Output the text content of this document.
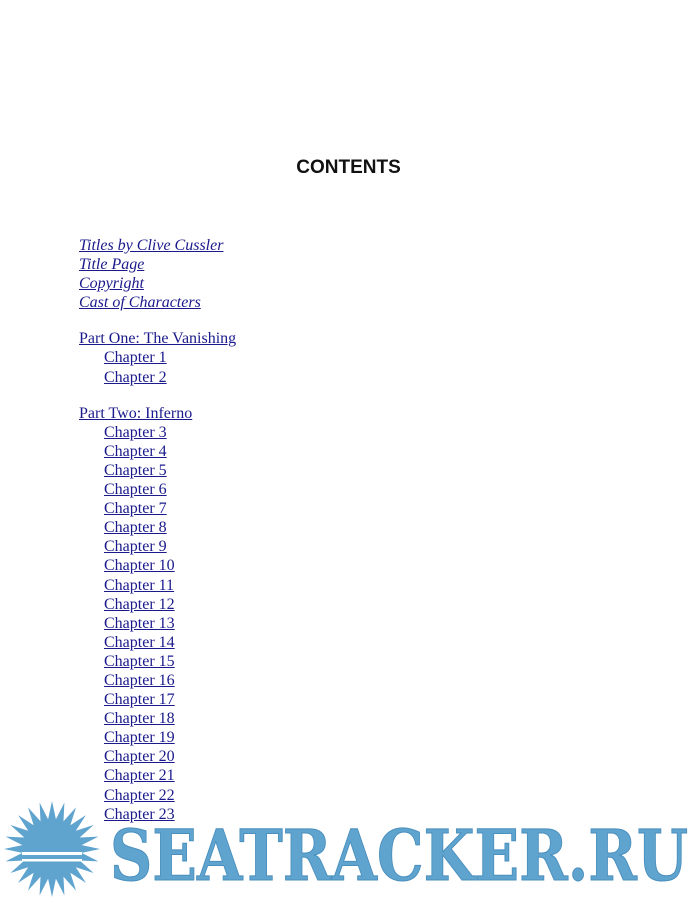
CONTENTS
Titles by Clive Cussler
Title Page
Copyright
Cast of Characters
Part One: The Vanishing
Chapter 1
Chapter 2
Part Two: Inferno
Chapter 3
Chapter 4
Chapter 5
Chapter 6
Chapter 7
Chapter 8
Chapter 9
Chapter 10
Chapter 11
Chapter 12
Chapter 13
Chapter 14
Chapter 15
Chapter 16
Chapter 17
Chapter 18
Chapter 19
Chapter 20
Chapter 21
Chapter 22
Chapter 23
SEATRACKER.RU
